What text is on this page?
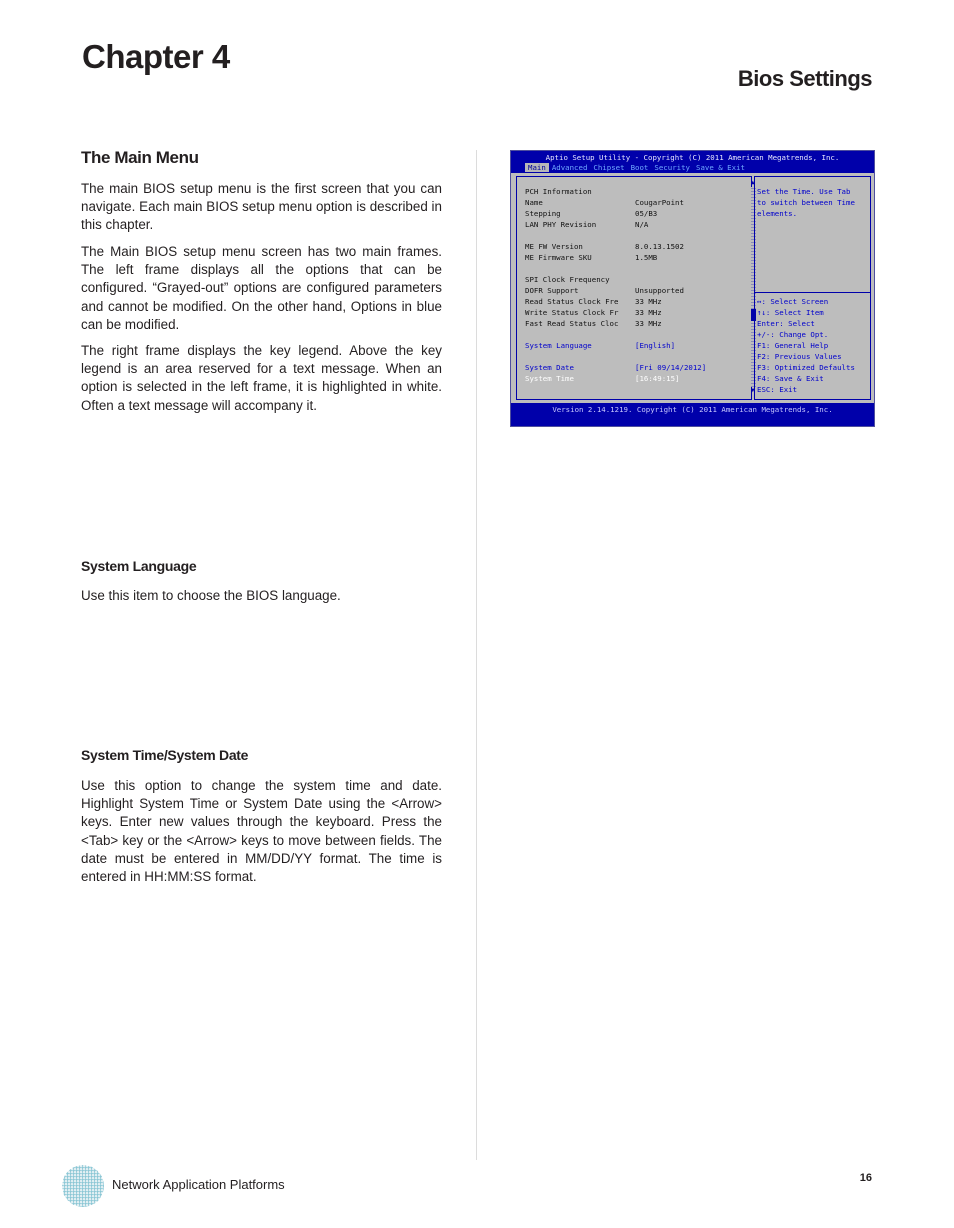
Chapter 4
Bios Settings
The Main Menu
The main BIOS setup menu is the first screen that you can navigate. Each main BIOS setup menu option is described in this chapter.
The Main BIOS setup menu screen has two main frames. The left frame displays all the options that can be configured. “Grayed-out” options are configured parameters and cannot be modified. On the other hand, Options in blue can be modified.
The right frame displays the key legend. Above the key legend is an area reserved for a text message. When an option is selected in the left frame, it is highlighted in white. Often a text message will accompany it.
System Language
Use this item to choose the BIOS language.
System Time/System Date
Use this option to change the system time and date. Highlight System Time or System Date using the <Arrow> keys. Enter new values through the keyboard. Press the <Tab> key or the <Arrow> keys to move between fields. The date must be entered in MM/DD/YY format. The time is entered in HH:MM:SS format.
Aptio Setup Utility - Copyright (C) 2011 American Megatrends, Inc.
Main Advanced Chipset Boot Security Save & Exit
PCH Information
Name	CougarPoint
Stepping	05/B3
LAN PHY Revision	N/A
ME FW Version	8.0.13.1502
ME Firmware SKU	1.5MB
SPI Clock Frequency
DOFR Support	Unsupported
Read Status Clock Fre 33 MHz
Write Status Clock Fr 33 MHz
Fast Read Status Cloc 33 MHz
System Language	[English]
System Date	[Fri 09/14/2012]
System Time	[16:49:15]
▲
▼
Set the Time. Use Tab
to switch between Time
elements.
↔: Select Screen
↑↓: Select Item
Enter: Select
+/-: Change Opt.
F1: General Help
F2: Previous Values
F3: Optimized Defaults
F4: Save & Exit
ESC: Exit
Version 2.14.1219. Copyright (C) 2011 American Megatrends, Inc.
Network Application Platforms	16
